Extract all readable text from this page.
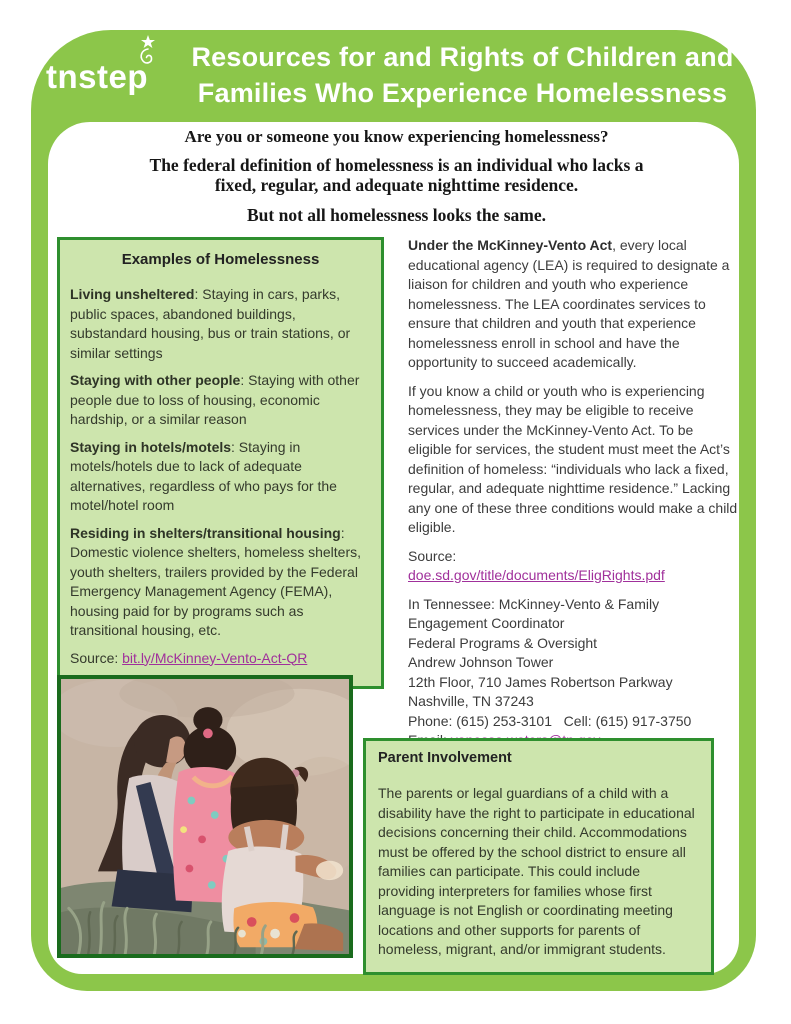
tnstep
Resources for and Rights of Children and
Families Who Experience Homelessness
Are you or someone you know experiencing homelessness?
The federal definition of homelessness is an individual who lacks a
fixed, regular, and adequate nighttime residence.
But not all homelessness looks the same.
Examples of Homelessness

Living unsheltered: Staying in cars, parks, public spaces, abandoned buildings, substandard housing, bus or train stations, or similar settings

Staying with other people: Staying with other people due to loss of housing, economic hardship, or a similar reason

Staying in hotels/motels: Staying in motels/hotels due to lack of adequate alternatives, regardless of who pays for the motel/hotel room

Residing in shelters/transitional housing: Domestic violence shelters, homeless shelters, youth shelters, trailers provided by the Federal Emergency Management Agency (FEMA), housing paid for by programs such as transitional housing, etc.

Source: bit.ly/McKinney-Vento-Act-QR

Under the McKinney-Vento Act, every local educational agency (LEA) is required to designate a liaison for children and youth who experience homelessness. The LEA coordinates services to ensure that children and youth that experience homelessness enroll in school and have the opportunity to succeed academically.

If you know a child or youth who is experiencing homelessness, they may be eligible to receive services under the McKinney-Vento Act. To be eligible for services, the student must meet the Act’s definition of homeless: “individuals who lack a fixed, regular, and adequate nighttime residence.” Lacking any one of these three conditions would make a child eligible.

Source:
doe.sd.gov/title/documents/EligRights.pdf

In Tennessee: McKinney-Vento & Family
Engagement Coordinator
Federal Programs & Oversight
Andrew Johnson Tower
12th Floor, 710 James Robertson Parkway
Nashville, TN 37243
Phone: (615) 253-3101   Cell: (615) 917-3750
Parent Involvement

The parents or legal guardians of a child with a disability have the right to participate in educational decisions concerning their child. Accommodations must be offered by the school district to ensure all families can participate. This could include providing interpreters for families whose first language is not English or coordinating meeting locations and other supports for parents of homeless, migrant, and/or immigrant students.
